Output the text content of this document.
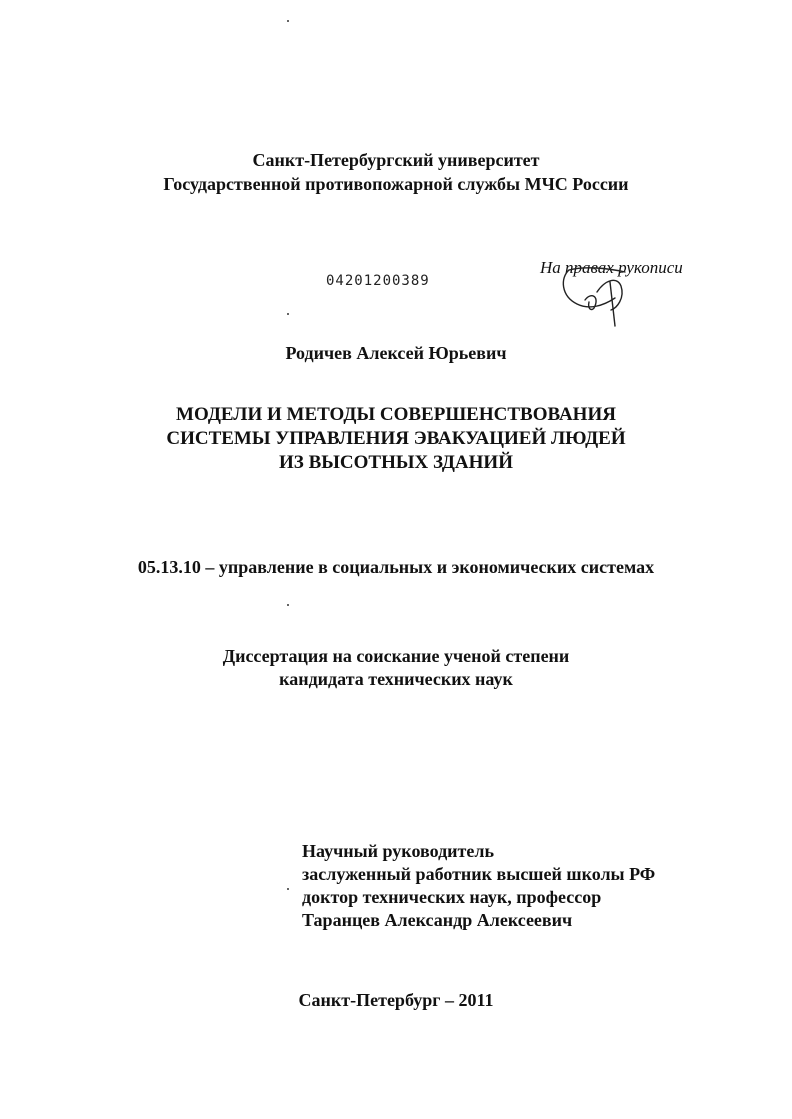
Санкт-Петербургский университет
Государственной противопожарной службы МЧС России
04201200389
На правах рукописи
Родичев Алексей Юрьевич
МОДЕЛИ И МЕТОДЫ СОВЕРШЕНСТВОВАНИЯ
СИСТЕМЫ УПРАВЛЕНИЯ ЭВАКУАЦИЕЙ ЛЮДЕЙ
ИЗ ВЫСОТНЫХ ЗДАНИЙ
05.13.10 – управление в социальных и экономических системах
Диссертация на соискание ученой степени
кандидата технических наук
Научный руководитель
заслуженный работник высшей школы РФ
доктор технических наук, профессор
Таранцев Александр Алексеевич
Санкт-Петербург – 2011
